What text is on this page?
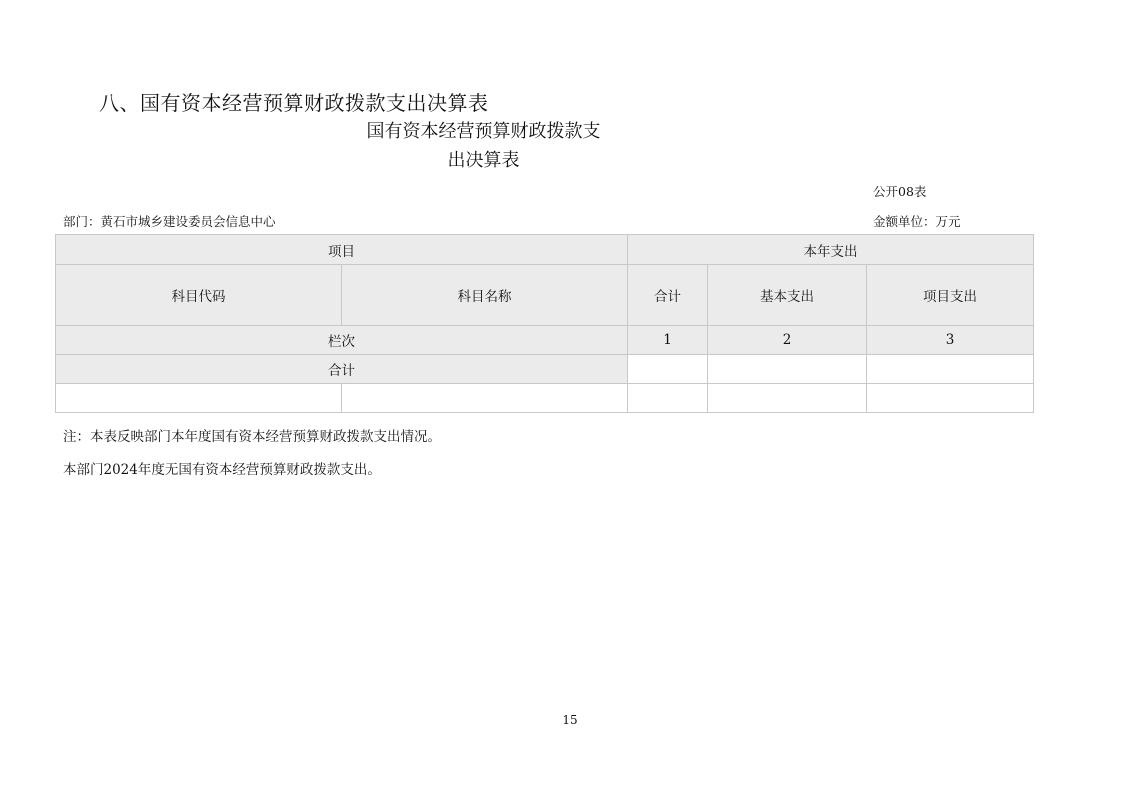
八、国有资本经营预算财政拨款支出决算表
国有资本经营预算财政拨款支
出决算表
公开08表
部门：黄石市城乡建设委员会信息中心	金额单位：万元
项目		本年支出		
科目代码	科目名称	合计	基本支出	项目支出
栏次		1	2	3
合计				

注：本表反映部门本年度国有资本经营预算财政拨款支出情况。
本部门2024年度无国有资本经营预算财政拨款支出。
15
